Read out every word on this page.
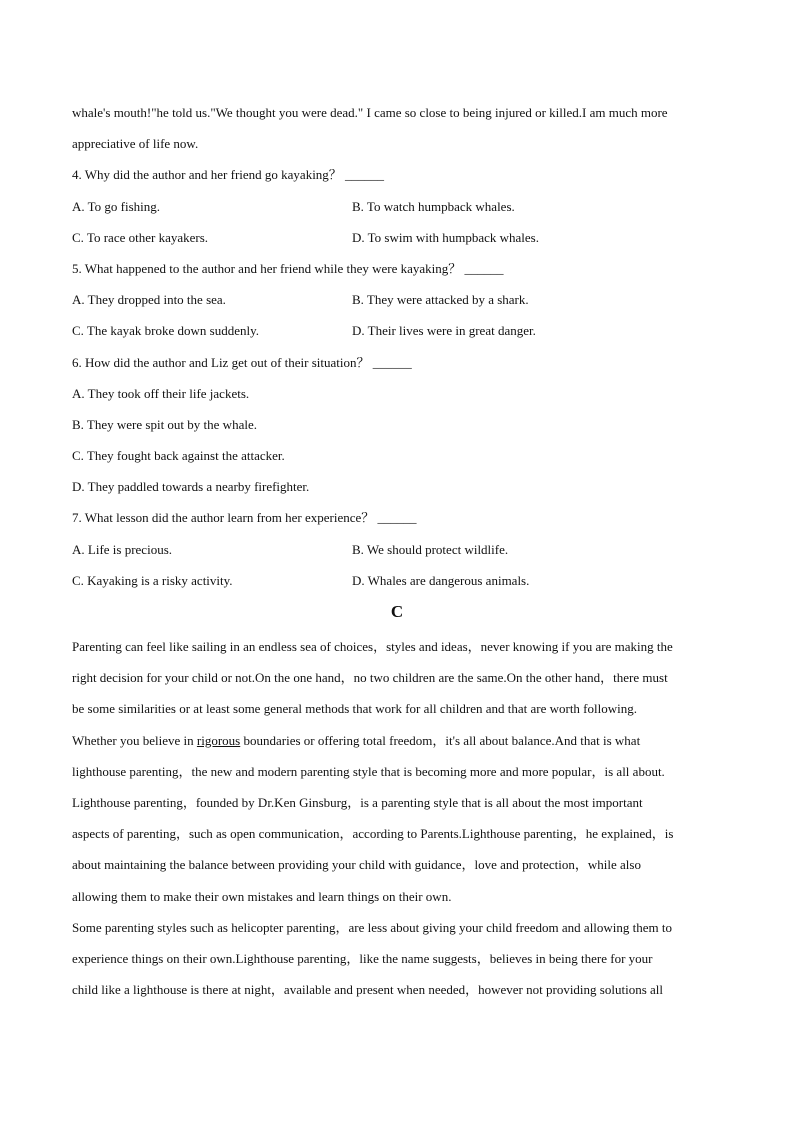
whale's mouth!"he told us."We thought you were dead." I came so close to being injured or killed.I am much more
appreciative of life now.
4. Why did the author and her friend go kayaking？ ______
A. To go fishing.	B. To watch humpback whales.
C. To race other kayakers.	D. To swim with humpback whales.
5. What happened to the author and her friend while they were kayaking？ ______
A. They dropped into the sea.	B. They were attacked by a shark.
C. The kayak broke down suddenly.	D. Their lives were in great danger.
6. How did the author and Liz get out of their situation？ ______
A. They took off their life jackets.
B. They were spit out by the whale.
C. They fought back against the attacker.
D. They paddled towards a nearby firefighter.
7. What lesson did the author learn from her experience？ ______
A. Life is precious.	B. We should protect wildlife.
C. Kayaking is a risky activity.	D. Whales are dangerous animals.
C
Parenting can feel like sailing in an endless sea of choices，styles and ideas，never knowing if you are making the
right decision for your child or not.On the one hand，no two children are the same.On the other hand，there must
be some similarities or at least some general methods that work for all children and that are worth following.
Whether you believe in rigorous boundaries or offering total freedom，it's all about balance.And that is what
lighthouse parenting，the new and modern parenting style that is becoming more and more popular，is all about.
Lighthouse parenting，founded by Dr.Ken Ginsburg，is a parenting style that is all about the most important
aspects of parenting，such as open communication，according to Parents.Lighthouse parenting，he explained，is
about maintaining the balance between providing your child with guidance，love and protection，while also
allowing them to make their own mistakes and learn things on their own.
Some parenting styles such as helicopter parenting，are less about giving your child freedom and allowing them to
experience things on their own.Lighthouse parenting，like the name suggests，believes in being there for your
child like a lighthouse is there at night，available and present when needed，however not providing solutions all
